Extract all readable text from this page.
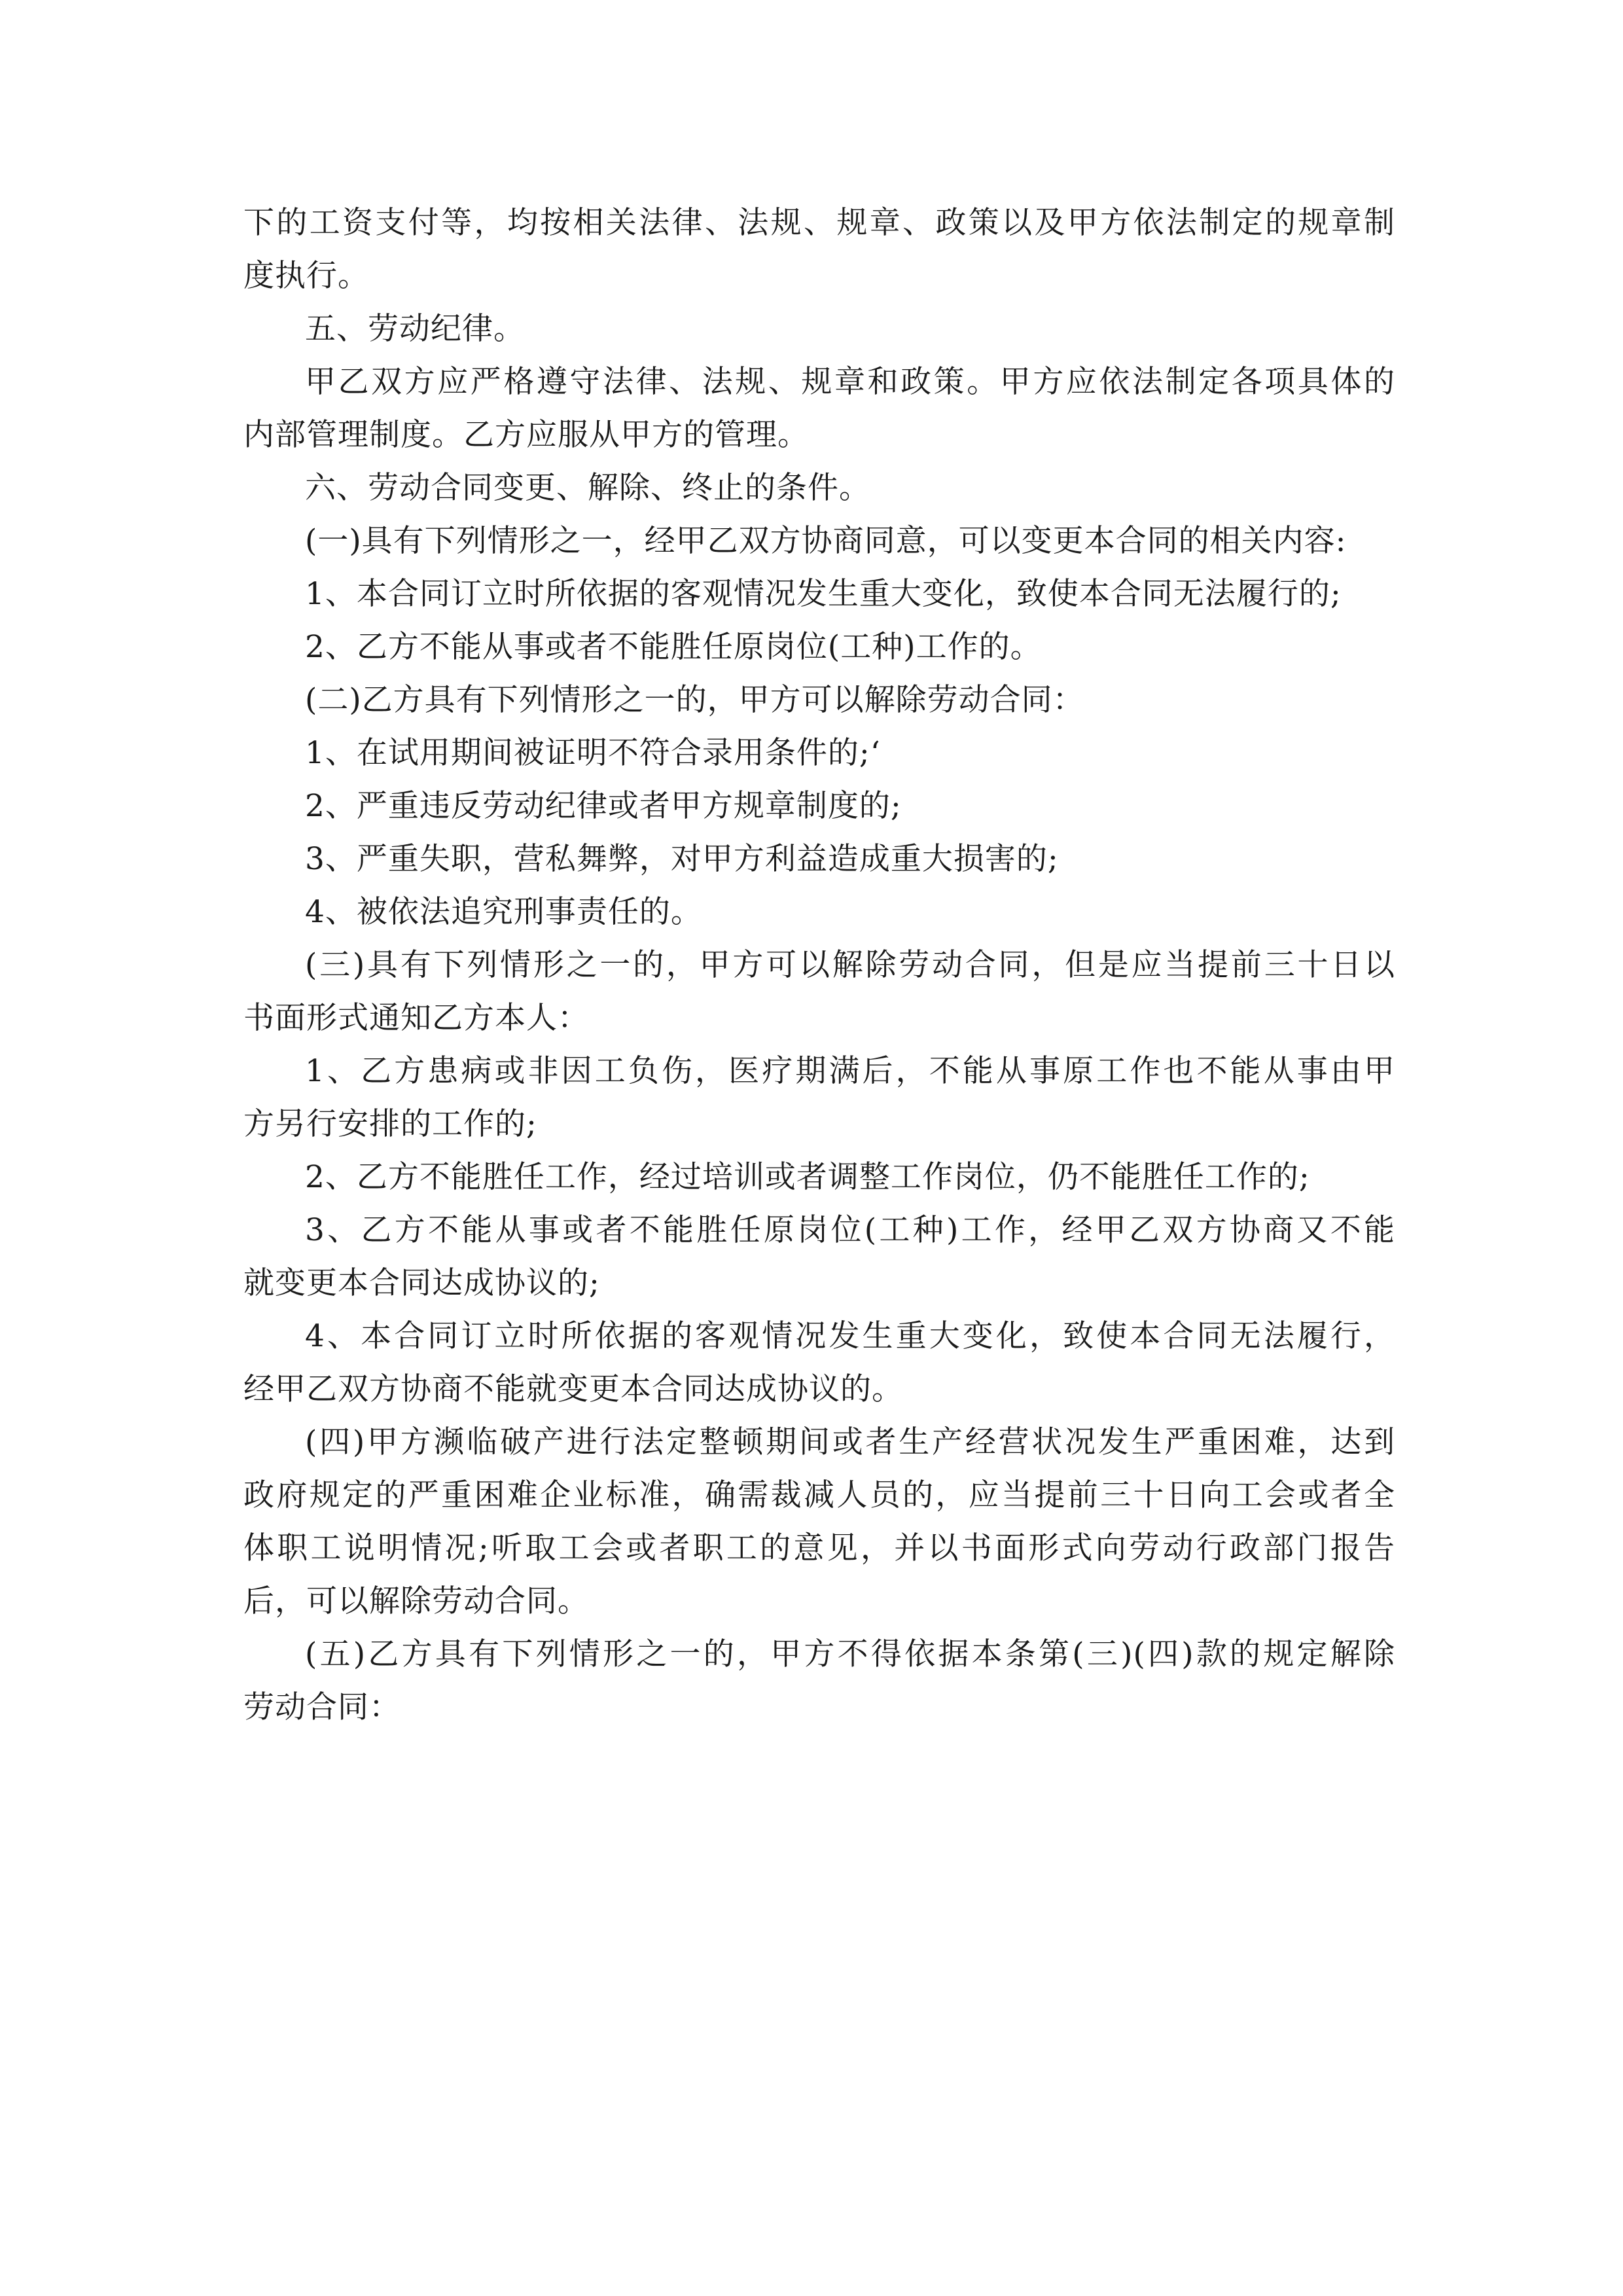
下的工资支付等，均按相关法律、法规、规章、政策以及甲方依法制定的规章制
度执行。
五、劳动纪律。
甲乙双方应严格遵守法律、法规、规章和政策。甲方应依法制定各项具体的
内部管理制度。乙方应服从甲方的管理。
六、劳动合同变更、解除、终止的条件。
(一)具有下列情形之一，经甲乙双方协商同意，可以变更本合同的相关内容:
1、本合同订立时所依据的客观情况发生重大变化，致使本合同无法履行的;
2、乙方不能从事或者不能胜任原岗位(工种)工作的。
(二)乙方具有下列情形之一的，甲方可以解除劳动合同：
1、在试用期间被证明不符合录用条件的;‘
2、严重违反劳动纪律或者甲方规章制度的;
3、严重失职，营私舞弊，对甲方利益造成重大损害的;
4、被依法追究刑事责任的。
(三)具有下列情形之一的，甲方可以解除劳动合同，但是应当提前三十日以
书面形式通知乙方本人：
1、乙方患病或非因工负伤，医疗期满后，不能从事原工作也不能从事由甲
方另行安排的工作的;
2、乙方不能胜任工作，经过培训或者调整工作岗位，仍不能胜任工作的;
3、乙方不能从事或者不能胜任原岗位(工种)工作，经甲乙双方协商又不能
就变更本合同达成协议的;
4、本合同订立时所依据的客观情况发生重大变化，致使本合同无法履行，
经甲乙双方协商不能就变更本合同达成协议的。
(四)甲方濒临破产进行法定整顿期间或者生产经营状况发生严重困难，达到
政府规定的严重困难企业标准，确需裁减人员的，应当提前三十日向工会或者全
体职工说明情况;听取工会或者职工的意见，并以书面形式向劳动行政部门报告
后，可以解除劳动合同。
(五)乙方具有下列情形之一的，甲方不得依据本条第(三)(四)款的规定解除
劳动合同：
